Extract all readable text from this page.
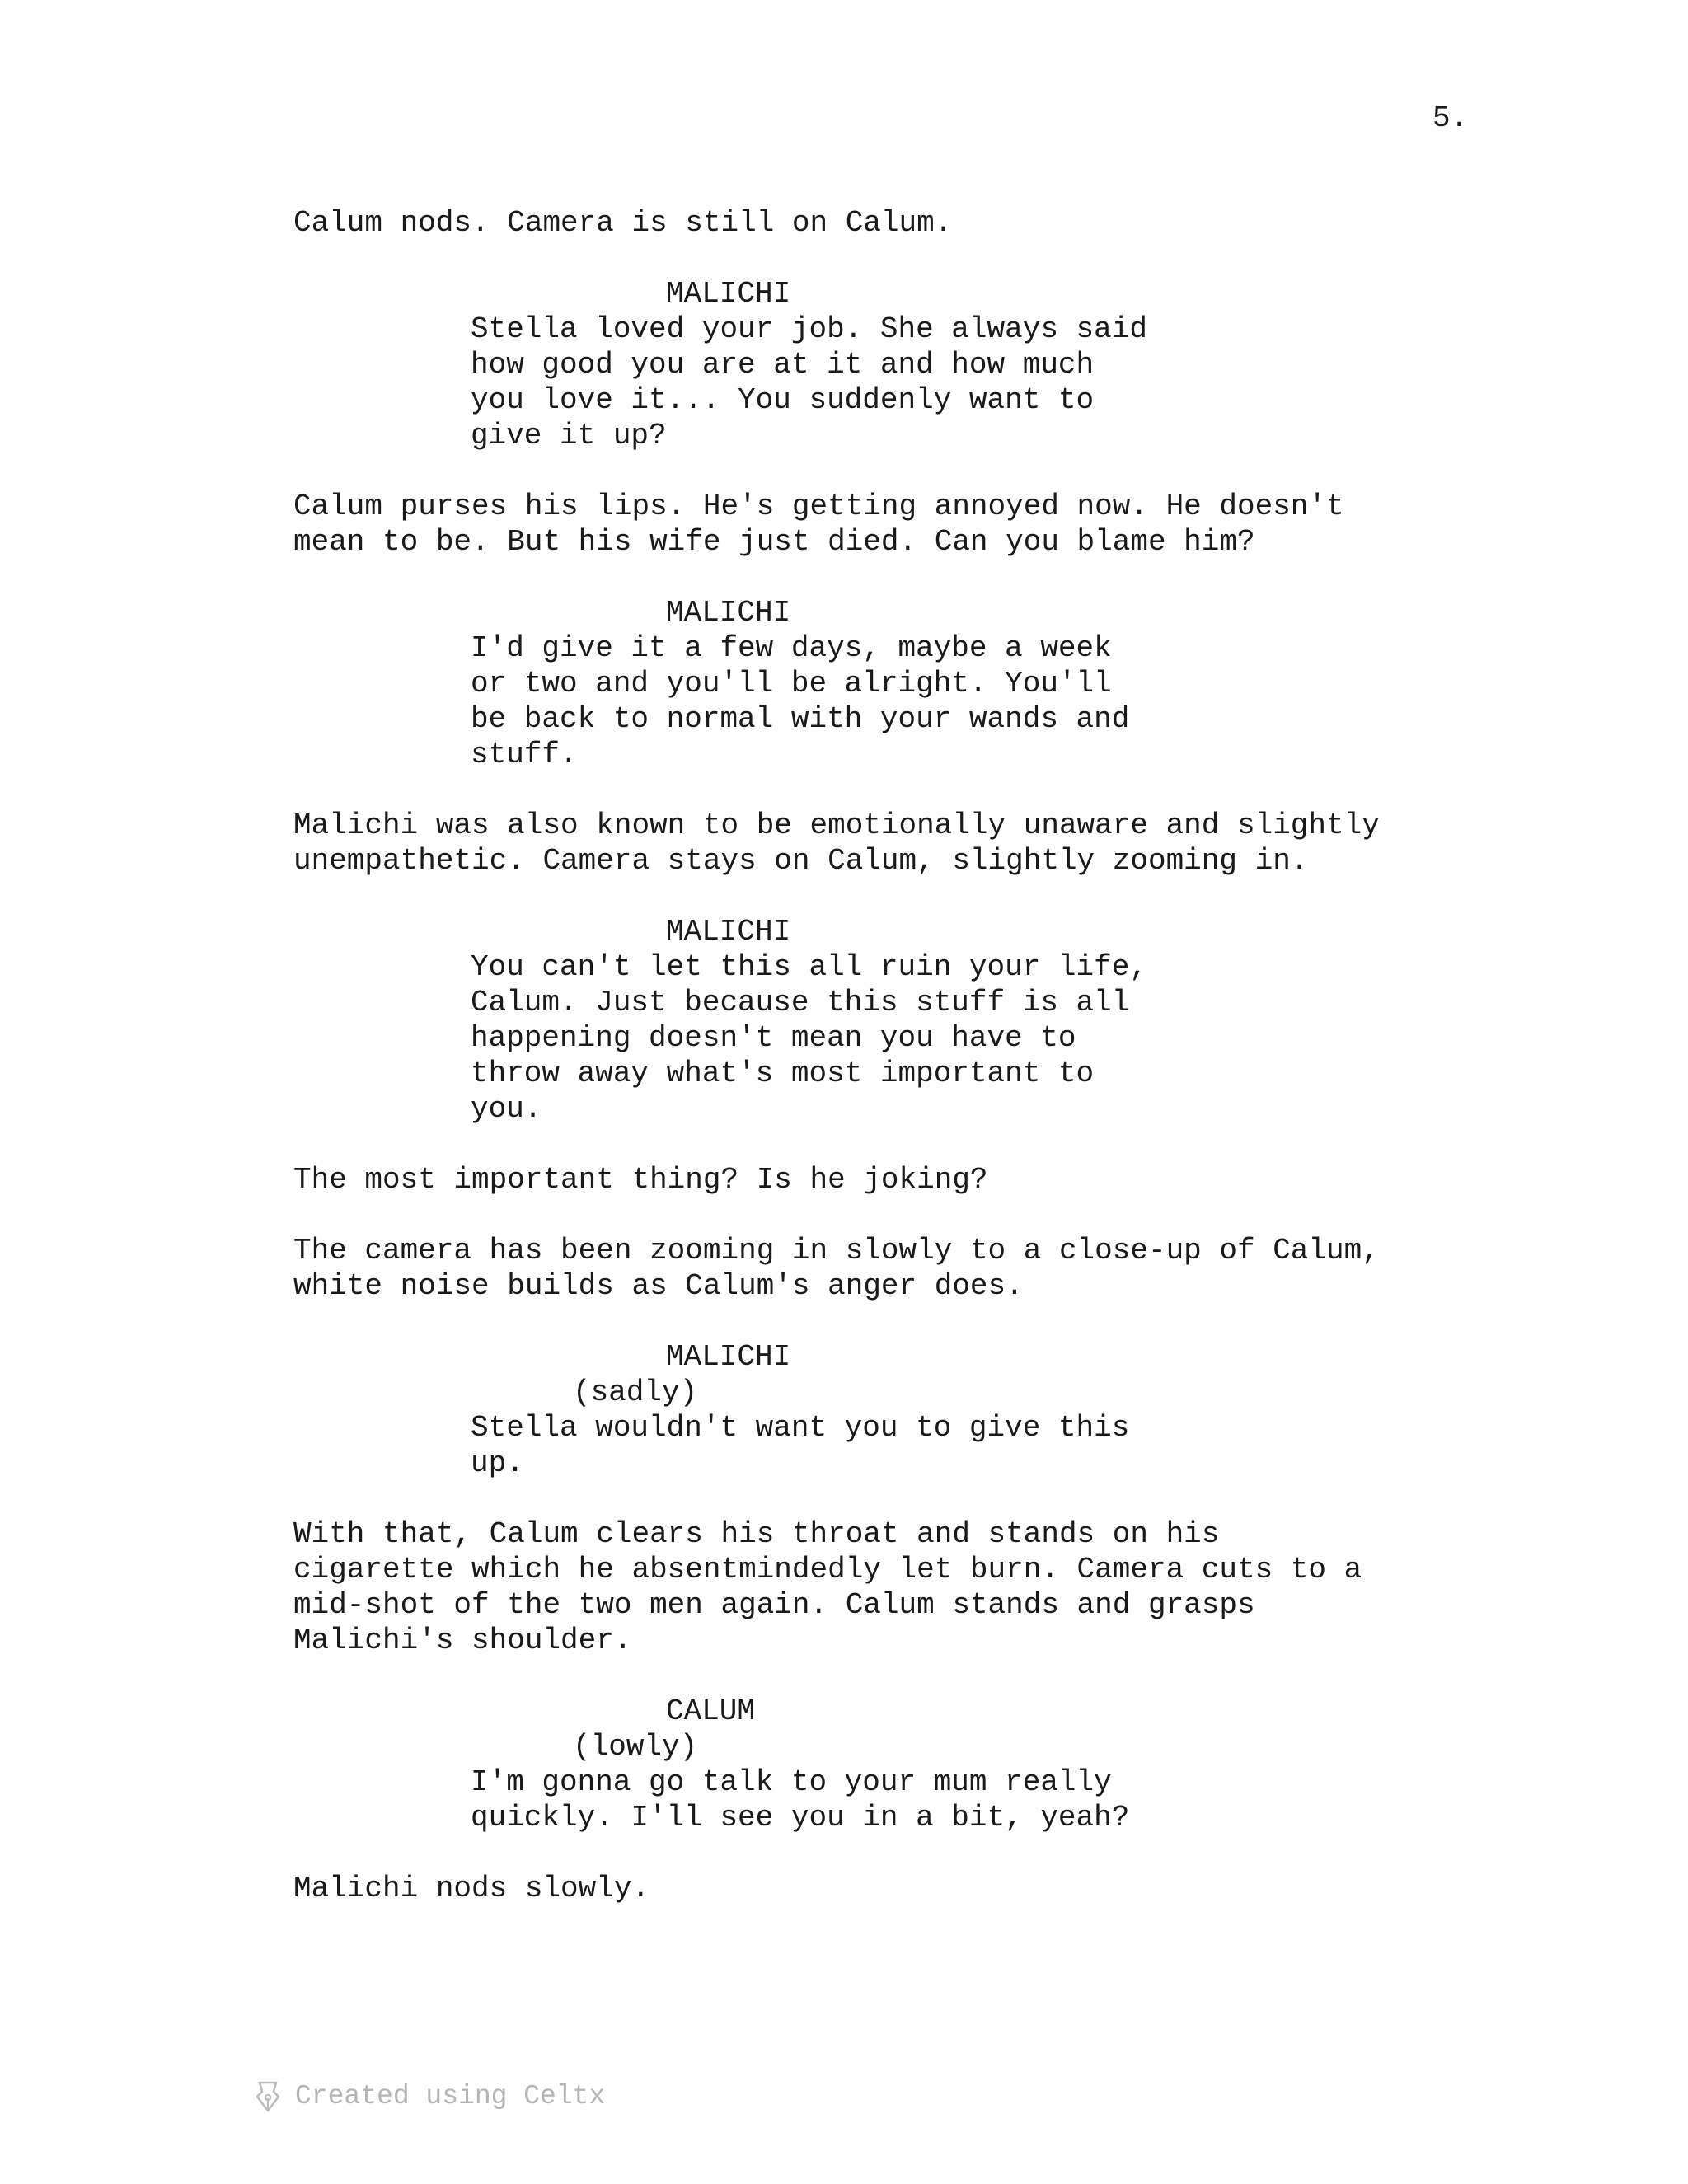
5.
Calum nods. Camera is still on Calum.
MALICHI
Stella loved your job. She always said
how good you are at it and how much
you love it... You suddenly want to
give it up?
Calum purses his lips. He's getting annoyed now. He doesn't
mean to be. But his wife just died. Can you blame him?
MALICHI
I'd give it a few days, maybe a week
or two and you'll be alright. You'll
be back to normal with your wands and
stuff.
Malichi was also known to be emotionally unaware and slightly
unempathetic. Camera stays on Calum, slightly zooming in.
MALICHI
You can't let this all ruin your life,
Calum. Just because this stuff is all
happening doesn't mean you have to
throw away what's most important to
you.
The most important thing? Is he joking?
The camera has been zooming in slowly to a close-up of Calum,
white noise builds as Calum's anger does.
MALICHI
(sadly)
Stella wouldn't want you to give this
up.
With that, Calum clears his throat and stands on his
cigarette which he absentmindedly let burn. Camera cuts to a
mid-shot of the two men again. Calum stands and grasps
Malichi's shoulder.
CALUM
(lowly)
I'm gonna go talk to your mum really
quickly. I'll see you in a bit, yeah?
Malichi nods slowly.
Created using Celtx
